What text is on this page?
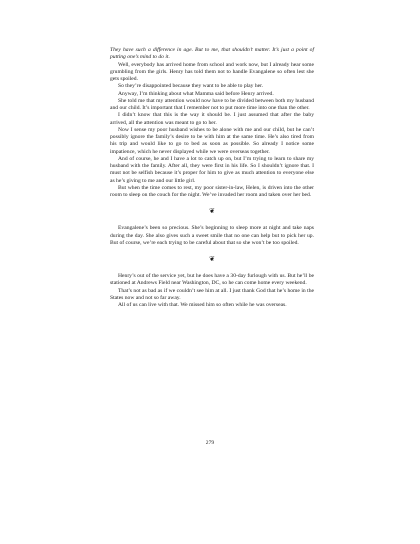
They have such a difference in age. But to me, that shouldn’t matter. It’s just a point of putting one’s mind to do it.

Well, everybody has arrived home from school and work now, but I already hear some grumbling from the girls. Henry has told them not to handle Evangalene so often lest she gets spoiled.

So they’re disappointed because they want to be able to play her.

Anyway, I’m thinking about what Mamma said before Henry arrived.

She told me that my attention would now have to be divided between both my husband and our child. It’s important that I remember not to put more time into one than the other.

I didn’t know that this is the way it should be. I just assumed that after the baby arrived, all the attention was meant to go to her.

Now I sense my poor husband wishes to be alone with me and our child, but he can’t possibly ignore the family’s desire to be with him at the same time. He’s also tired from his trip and would like to go to bed as soon as possible. So already I notice some impatience, which he never displayed while we were overseas together.

And of course, he and I have a lot to catch up on, but I’m trying to learn to share my husband with the family. After all, they were first in his life. So I shouldn’t ignore that. I must not be selfish because it’s proper for him to give as much attention to everyone else as he’s giving to me and our little girl.

But when the time comes to rest, my poor sister-in-law, Helen, is driven into the other room to sleep on the couch for the night. We’ve invaded her room and taken over her bed.

❦

Evangalene’s been so precious. She’s beginning to sleep more at night and take naps during the day. She also gives such a sweet smile that no one can help but to pick her up. But of course, we’re each trying to be careful about that so she won’t be too spoiled.

❦

Henry’s out of the service yet, but he does have a 30-day furlough with us. But he’ll be stationed at Andrews Field near Washington, DC, so he can come home every weekend.

That’s not as bad as if we couldn’t see him at all. I just thank God that he’s home in the States now and not so far away.

All of us can live with that. We missed him so often while he was overseas.

279
